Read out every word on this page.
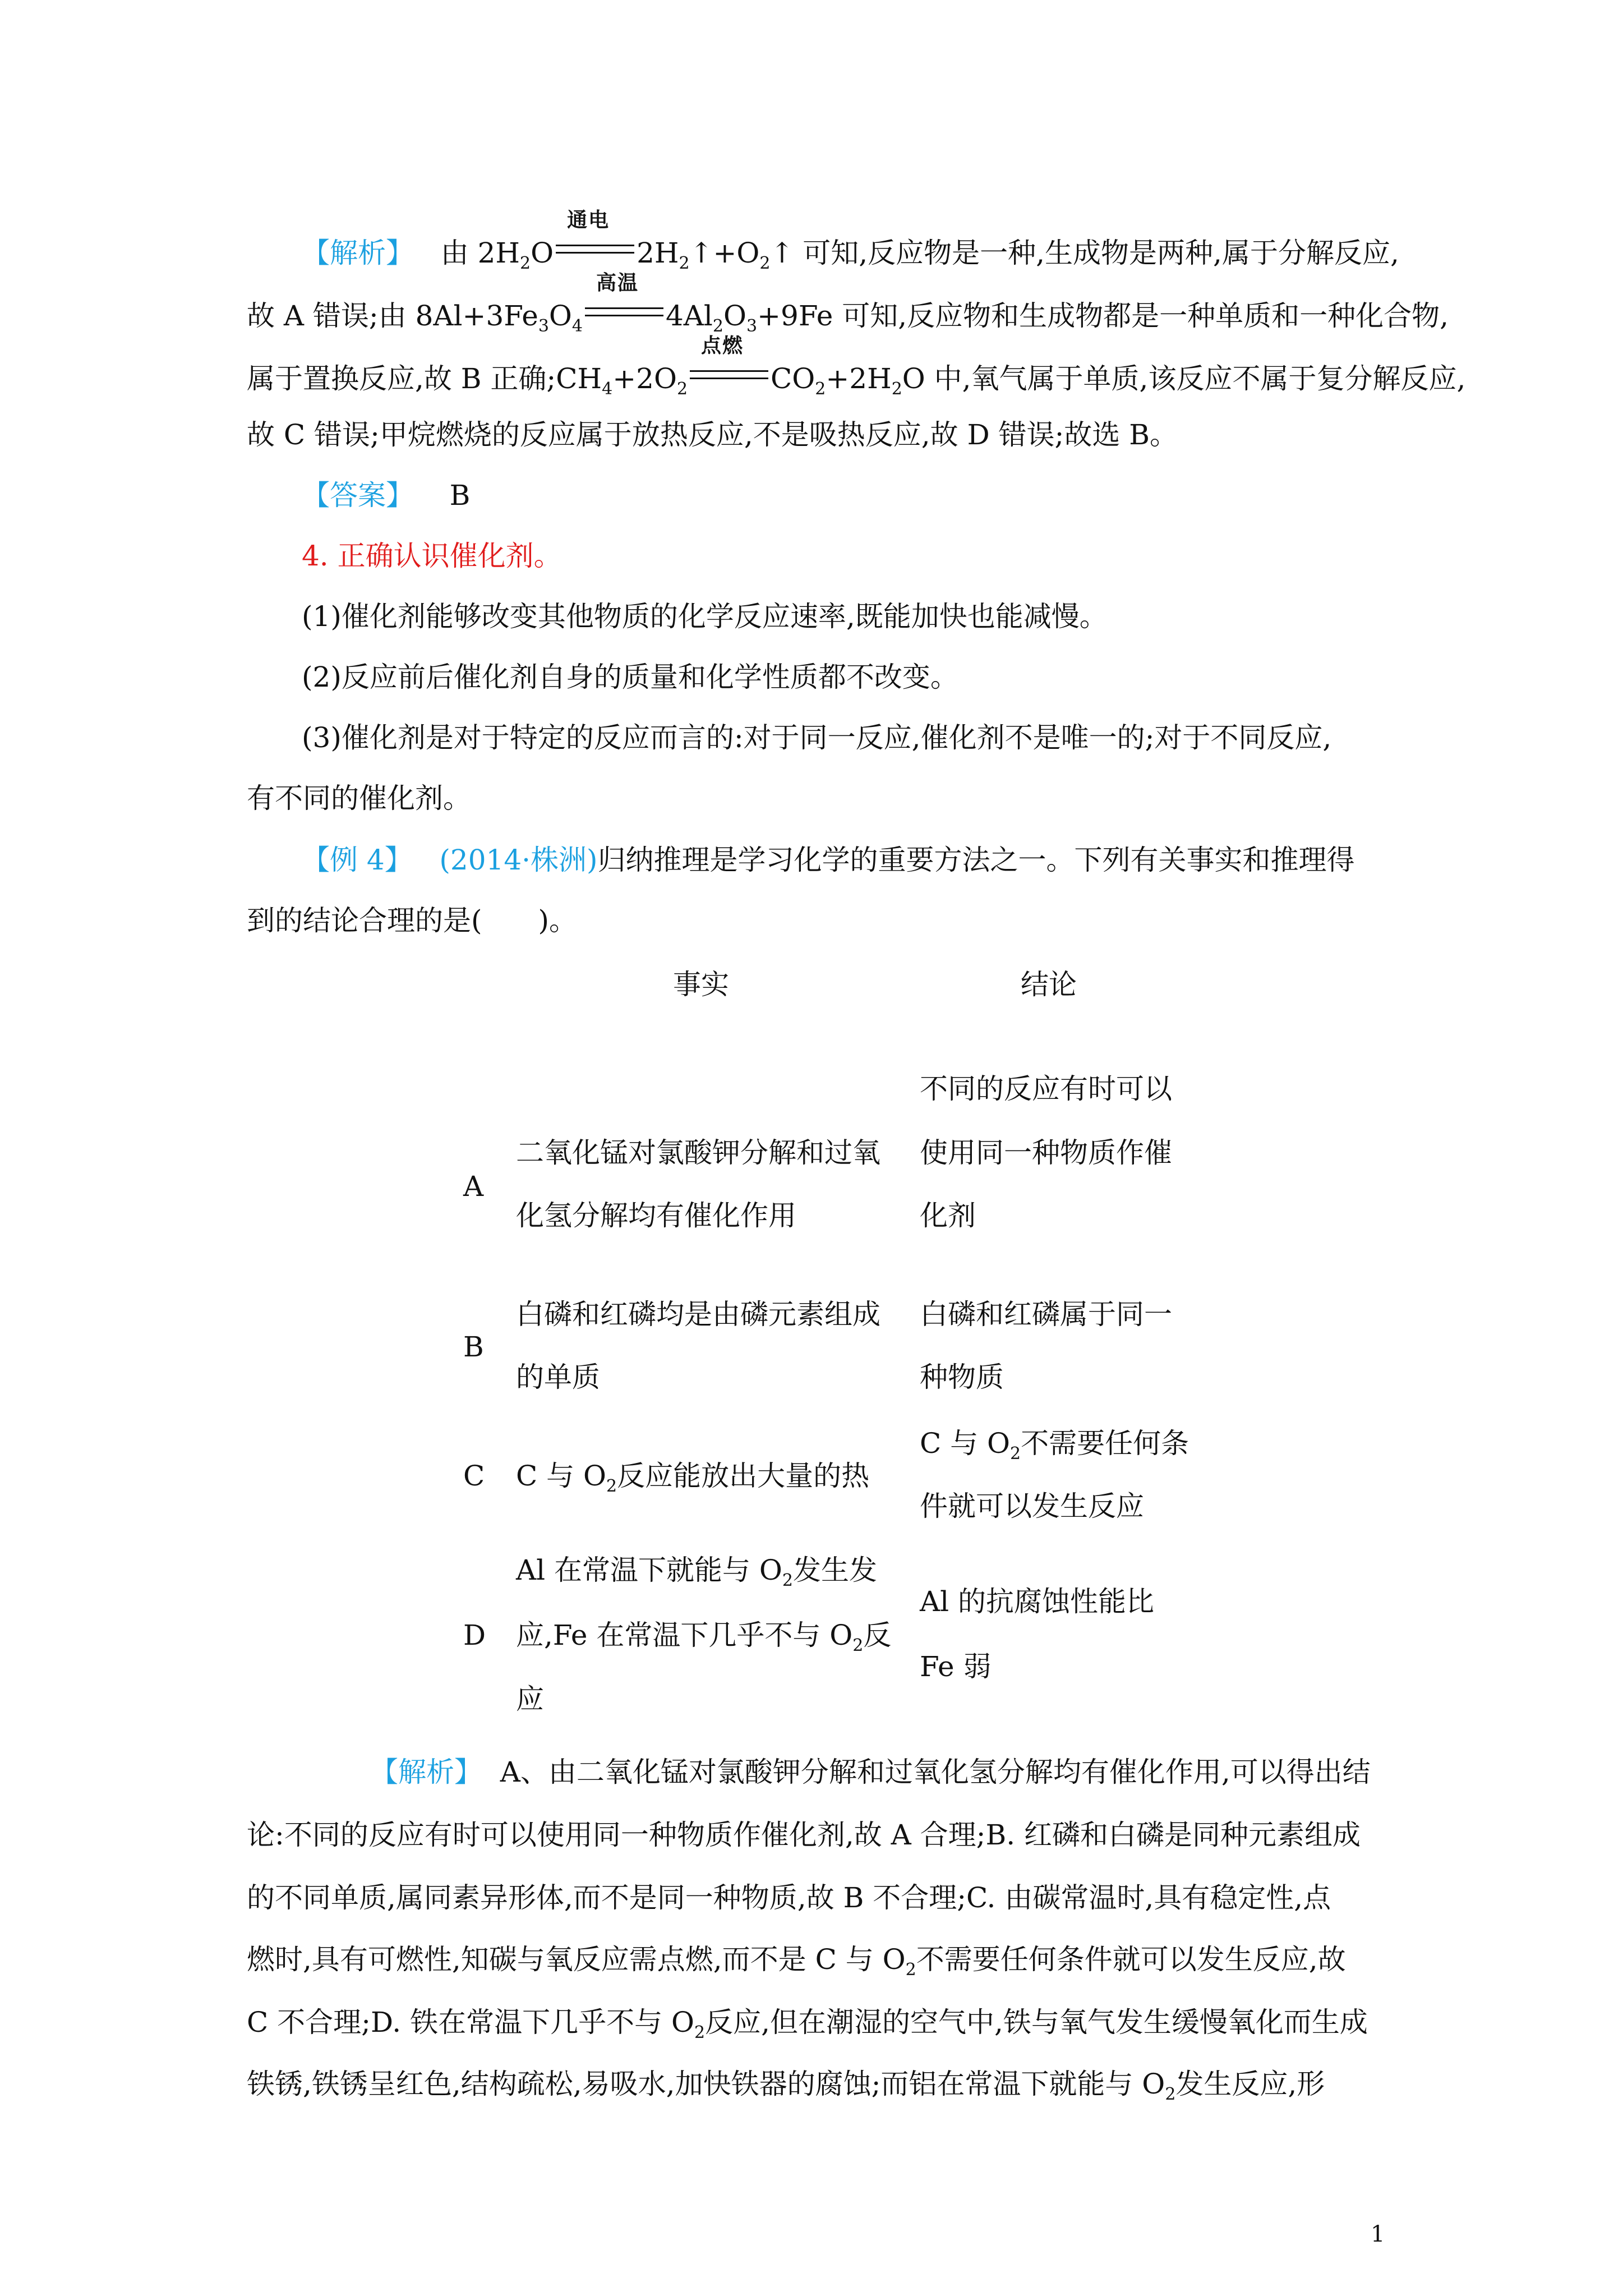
【解析】 由 $2H_2O$
通电
$2H_2↑+O_2↑$ 可知,反应物是一种,生成物是两种,属于分解反应,
故 A 错误;由 $8Al+3Fe_3O_4$
高温
$4Al_2O_3+9Fe$ 可知,反应物和生成物都是一种单质和一种化合物,
属于置换反应,故 B 正确$;CH_4+2O_2$
点燃
$CO_2+2H_2O$ 中,氧气属于单质,该反应不属于复分解反应,
故 C 错误;甲烷燃烧的反应属于放热反应,不是吸热反应,故 D 错误;故选 B。
【答案】 B
4. 正确认识催化剂。
(1)催化剂能够改变其他物质的化学反应速率,既能加快也能减慢。
(2)反应前后催化剂自身的质量和化学性质都不改变。
(3)催化剂是对于特定的反应而言的:对于同一反应,催化剂不是唯一的;对于不同反应,
有不同的催化剂。
【例 4】 (2014·株洲)归纳推理是学习化学的重要方法之一。下列有关事实和推理得
到的结论合理的是(　　)。
事实	结论
A
二氧化锰对氯酸钾分解和过氧
化氢分解均有催化作用
不同的反应有时可以
使用同一种物质作催
化剂
B
白磷和红磷均是由磷元素组成
的单质
白磷和红磷属于同一
种物质
C C 与 $O_2$反应能放出大量的热
C 与 $O_2$不需要任何条
件就可以发生反应
D
Al 在常温下就能与 $O_2$发生发
应,Fe 在常温下几乎不与 $O_2$反
应
Al 的抗腐蚀性能比
Fe 弱
【解析】 A、由二氧化锰对氯酸钾分解和过氧化氢分解均有催化作用,可以得出结
论:不同的反应有时可以使用同一种物质作催化剂,故 A 合理;B. 红磷和白磷是同种元素组成
的不同单质,属同素异形体,而不是同一种物质,故 B 不合理;C. 由碳常温时,具有稳定性,点
燃时,具有可燃性,知碳与氧反应需点燃,而不是 C 与 $O_2$不需要任何条件就可以发生反应,故
C 不合理;D. 铁在常温下几乎不与 $O_2$反应,但在潮湿的空气中,铁与氧气发生缓慢氧化而生成
铁锈,铁锈呈红色,结构疏松,易吸水,加快铁器的腐蚀;而铝在常温下就能与 $O_2$发生反应,形
1
